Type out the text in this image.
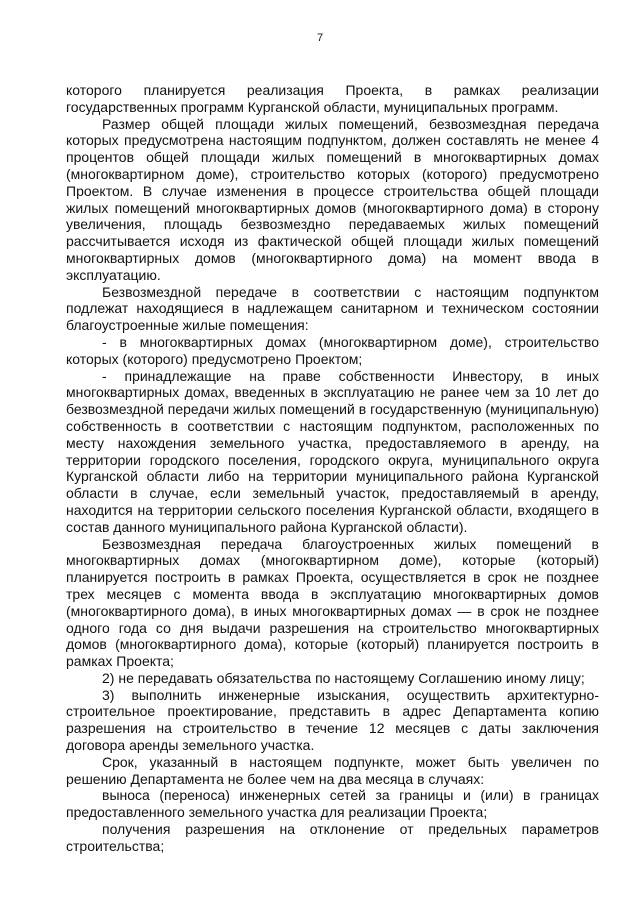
7

которого планируется реализация Проекта, в рамках реализации государственных программ Курганской области, муниципальных программ.

Размер общей площади жилых помещений, безвозмездная передача которых предусмотрена настоящим подпунктом, должен составлять не менее 4 процентов общей площади жилых помещений в многоквартирных домах (многоквартирном доме), строительство которых (которого) предусмотрено Проектом. В случае изменения в процессе строительства общей площади жилых помещений многоквартирных домов (многоквартирного дома) в сторону увеличения, площадь безвозмездно передаваемых жилых помещений рассчитывается исходя из фактической общей площади жилых помещений многоквартирных домов (многоквартирного дома) на момент ввода в эксплуатацию.

Безвозмездной передаче в соответствии с настоящим подпунктом подлежат находящиеся в надлежащем санитарном и техническом состоянии благоустроенные жилые помещения:

- в многоквартирных домах (многоквартирном доме), строительство которых (которого) предусмотрено Проектом;

- принадлежащие на праве собственности Инвестору, в иных многоквартирных домах, введенных в эксплуатацию не ранее чем за 10 лет до безвозмездной передачи жилых помещений в государственную (муниципальную) собственность в соответствии с настоящим подпунктом, расположенных по месту нахождения земельного участка, предоставляемого в аренду, на территории городского поселения, городского округа, муниципального округа Курганской области либо на территории муниципального района Курганской области в случае, если земельный участок, предоставляемый в аренду, находится на территории сельского поселения Курганской области, входящего в состав данного муниципального района Курганской области).

Безвозмездная передача благоустроенных жилых помещений в многоквартирных домах (многоквартирном доме), которые (который) планируется построить в рамках Проекта, осуществляется в срок не позднее трех месяцев с момента ввода в эксплуатацию многоквартирных домов (многоквартирного дома), в иных многоквартирных домах — в срок не позднее одного года со дня выдачи разрешения на строительство многоквартирных домов (многоквартирного дома), которые (который) планируется построить в рамках Проекта;

2) не передавать обязательства по настоящему Соглашению иному лицу;

3) выполнить инженерные изыскания, осуществить архитектурно-строительное проектирование, представить в адрес Департамента копию разрешения на строительство в течение 12 месяцев с даты заключения договора аренды земельного участка.

Срок, указанный в настоящем подпункте, может быть увеличен по решению Департамента не более чем на два месяца в случаях:

выноса (переноса) инженерных сетей за границы и (или) в границах предоставленного земельного участка для реализации Проекта;

получения разрешения на отклонение от предельных параметров строительства;
